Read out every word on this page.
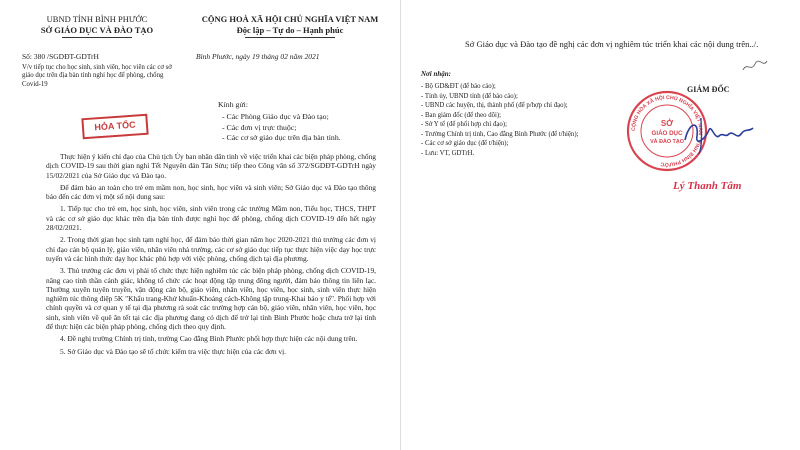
UBND TỈNH BÌNH PHƯỚC
SỞ GIÁO DỤC VÀ ĐÀO TẠO
CỘNG HOÀ XÃ HỘI CHỦ NGHĨA VIỆT NAM
Độc lập – Tự do – Hạnh phúc
Số: 380 /SGDĐT-GDTrH	Bình Phước, ngày 19 tháng 02 năm 2021
V/v tiếp tục cho học sinh, sinh viên, học viên các cơ sở giáo dục trên địa bàn tỉnh nghỉ học để phòng, chống Covid-19
HỎA TỐC
Kính gửi:
- Các Phòng Giáo dục và Đào tạo;
- Các đơn vị trực thuộc;
- Các cơ sở giáo dục trên địa bàn tỉnh.

Thực hiện ý kiến chỉ đạo của Chủ tịch Ủy ban nhân dân tỉnh về việc triển khai các biện pháp phòng, chống dịch COVID-19 sau thời gian nghỉ Tết Nguyên đán Tân Sửu; tiếp theo Công văn số 372/SGDĐT-GDTrH ngày 15/02/2021 của Sở Giáo dục và Đào tạo.

Để đảm bảo an toàn cho trẻ em mầm non, học sinh, học viên và sinh viên; Sở Giáo dục và Đào tạo thông báo đến các đơn vị một số nội dung sau:

1. Tiếp tục cho trẻ em, học sinh, học viên, sinh viên trong các trường Mầm non, Tiểu học, THCS, THPT và các cơ sở giáo dục khác trên địa bàn tỉnh được nghỉ học để phòng, chống dịch COVID-19 đến hết ngày 28/02/2021.

2. Trong thời gian học sinh tạm nghỉ học, để đảm bảo thời gian năm học 2020-2021 thủ trưởng các đơn vị chỉ đạo cán bộ quản lý, giáo viên, nhân viên nhà trường, các cơ sở giáo dục tiếp tục thực hiện việc dạy học trực tuyến và các hình thức dạy học khác phù hợp với việc phòng, chống dịch tại địa phương.

3. Thủ trưởng các đơn vị phải tổ chức thực hiện nghiêm túc các biện pháp phòng, chống dịch COVID-19, nâng cao tinh thần cảnh giác, không tổ chức các hoạt động tập trung đông người, đảm bảo thông tin liên lạc. Thường xuyên tuyên truyền, vận động cán bộ, giáo viên, nhân viên, học viên, học sinh, sinh viên thực hiện nghiêm túc thông điệp 5K "Khẩu trang-Khử khuẩn-Khoảng cách-Không tập trung-Khai báo y tế". Phối hợp với chính quyền và cơ quan y tế tại địa phương rà soát các trường hợp cán bộ, giáo viên, nhân viên, học viên, học sinh, sinh viên về quê ăn tết tại các địa phương đang có dịch để trở lại tỉnh Bình Phước hoặc chưa trở lại tỉnh để thực hiện các biện pháp phòng, chống dịch theo quy định.

4. Đề nghị trường Chính trị tỉnh, trường Cao đẳng Bình Phước phối hợp thực hiện các nội dung trên.

5. Sở Giáo dục và Đào tạo sẽ tổ chức kiểm tra việc thực hiện của các đơn vị.

Sở Giáo dục và Đào tạo đề nghị các đơn vị nghiêm túc triển khai các nội dung trên../.
Nơi nhận:
- Bộ GD&ĐT (để báo cáo);
- Tỉnh ủy, UBND tỉnh (để báo cáo);
- UBND các huyện, thị, thành phố (để p/hợp chỉ đạo);
- Ban giám đốc (để theo dõi);
- Sở Y tế (để phối hợp chỉ đạo);
- Trường Chính trị tỉnh, Cao đẳng Bình Phước (để t/hiện);
- Các cơ sở giáo dục (để t/hiện);
- Lưu: VT, GDTrH.
GIÁM ĐỐC
CỘNG HÒA XÃ HỘI CHỦ NGHĨA VIỆT NAM · TỈNH BÌNH PHƯỚC
SỞ
GIÁO DỤC
VÀ ĐÀO TẠO
Lý Thanh Tâm
